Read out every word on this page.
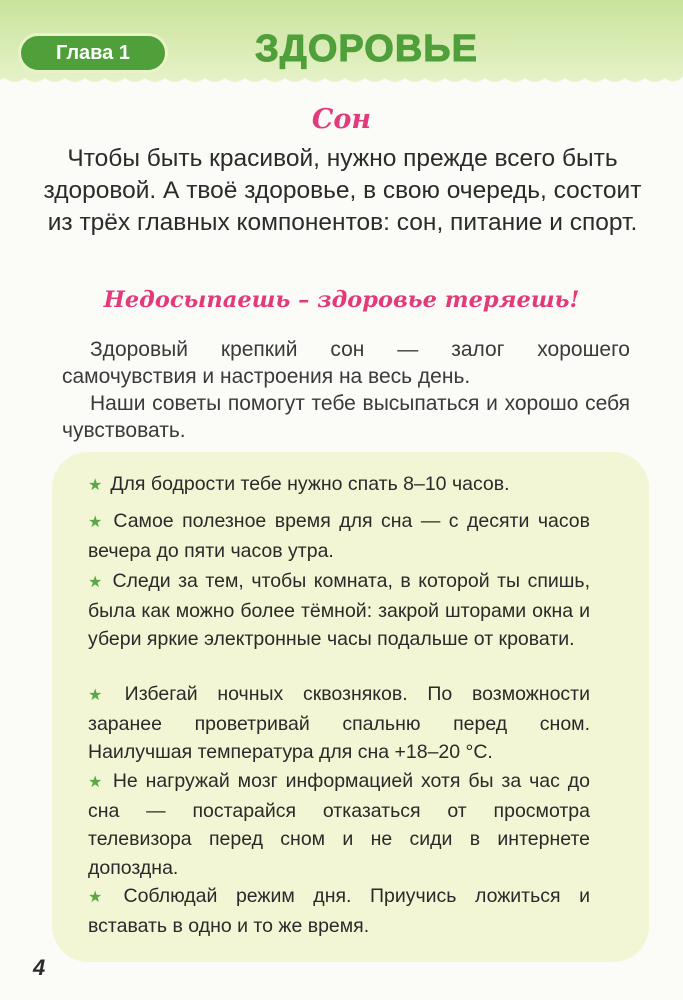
Глава 1	ЗДОРОВЬЕ
Сон
Чтобы быть красивой, нужно прежде всего быть здоровой. А твоё здоровье, в свою очередь, состоит из трёх главных компонентов: сон, питание и спорт.
Недосыпаешь – здоровье теряешь!
Здоровый крепкий сон — залог хорошего самочувствия и настроения на весь день.
Наши советы помогут тебе высыпаться и хорошо себя чувствовать.
★ Для бодрости тебе нужно спать 8–10 часов.
★ Самое полезное время для сна — с десяти часов вечера до пяти часов утра.
★ Следи за тем, чтобы комната, в которой ты спишь, была как можно более тёмной: закрой шторами окна и убери яркие электронные часы подальше от кровати.
★ Избегай ночных сквозняков. По возможности заранее проветривай спальню перед сном. Наилучшая температура для сна +18–20 °С.
★ Не нагружай мозг информацией хотя бы за час до сна — постарайся отказаться от просмотра телевизора перед сном и не сиди в интернете допоздна.
★ Соблюдай режим дня. Приучись ложиться и вставать в одно и то же время.
4
